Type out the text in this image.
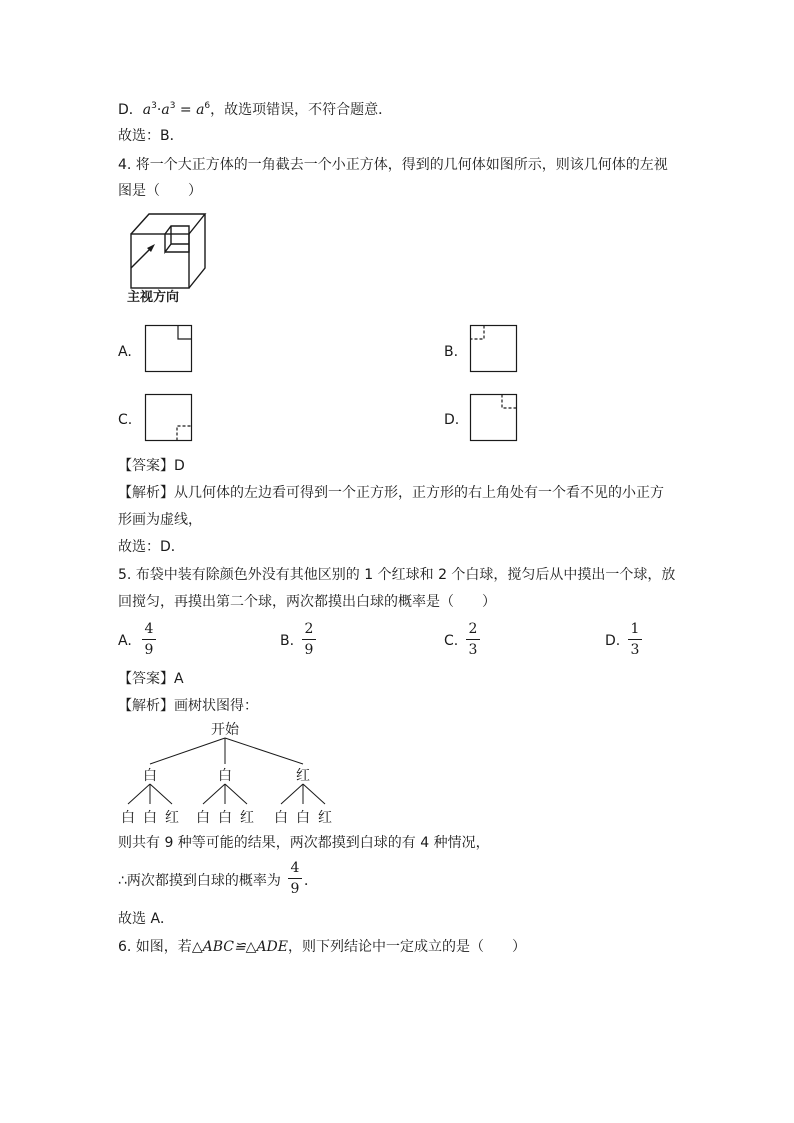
D．$a^3\cdot a^3 = a^6$，故选项错误，不符合题意．
故选：B．
4. 将一个大正方体的一角截去一个小正方体，得到的几何体如图所示，则该几何体的左视
图是（　　）
主视方向
A.	B.
C.	D.
【答案】D
【解析】从几何体的左边看可得到一个正方形，正方形的右上角处有一个看不见的小正方
形画为虚线，
故选：D．
5. 布袋中装有除颜色外没有其他区别的 1 个红球和 2 个白球，搅匀后从中摸出一个球，放
回搅匀，再摸出第二个球，两次都摸出白球的概率是（　　）
A.
4
9
B.
2
9
C.
2
3
D.
1
3
【答案】A
【解析】画树状图得：
开始
白	白	红
白 白 红 白 白 红 白 白 红
则共有 9 种等可能的结果，两次都摸到白球的有 4 种情况，
∴两次都摸到白球的概率为
4
9 ．
故选 A．
6. 如图，若△ABC≌△ADE，则下列结论中一定成立的是（　　）
